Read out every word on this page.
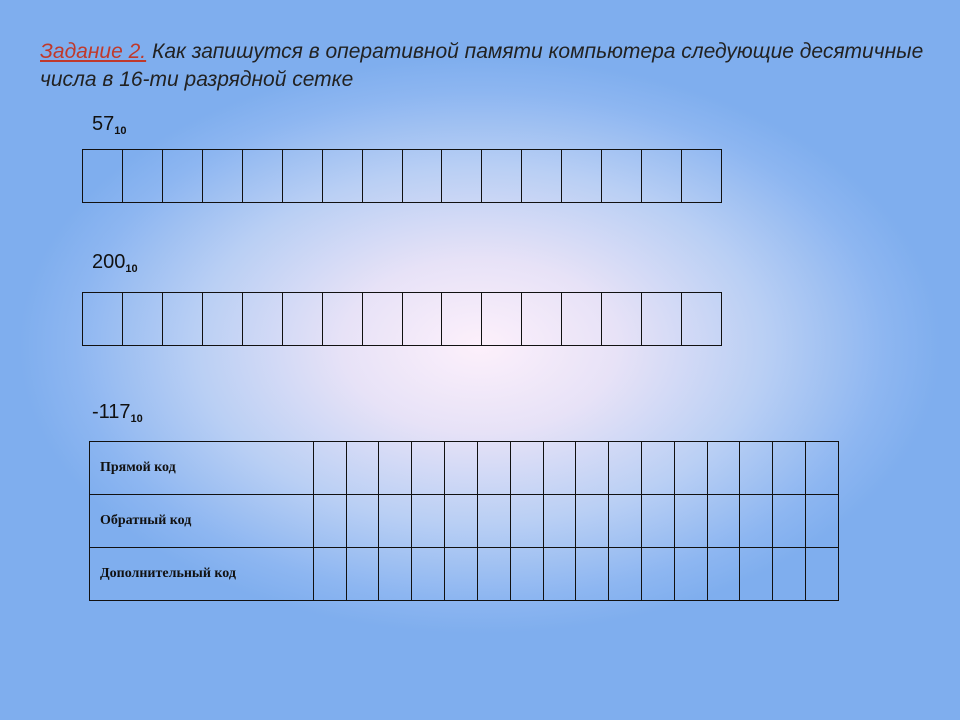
Задание 2. Как запишутся в оперативной памяти компьютера следующие десятичные числа в 16-ти разрядной сетке
$57_{10}$
$200_{10}$
$-117_{10}$
Прямой код																
Обратный код																
Дополнительный код																
